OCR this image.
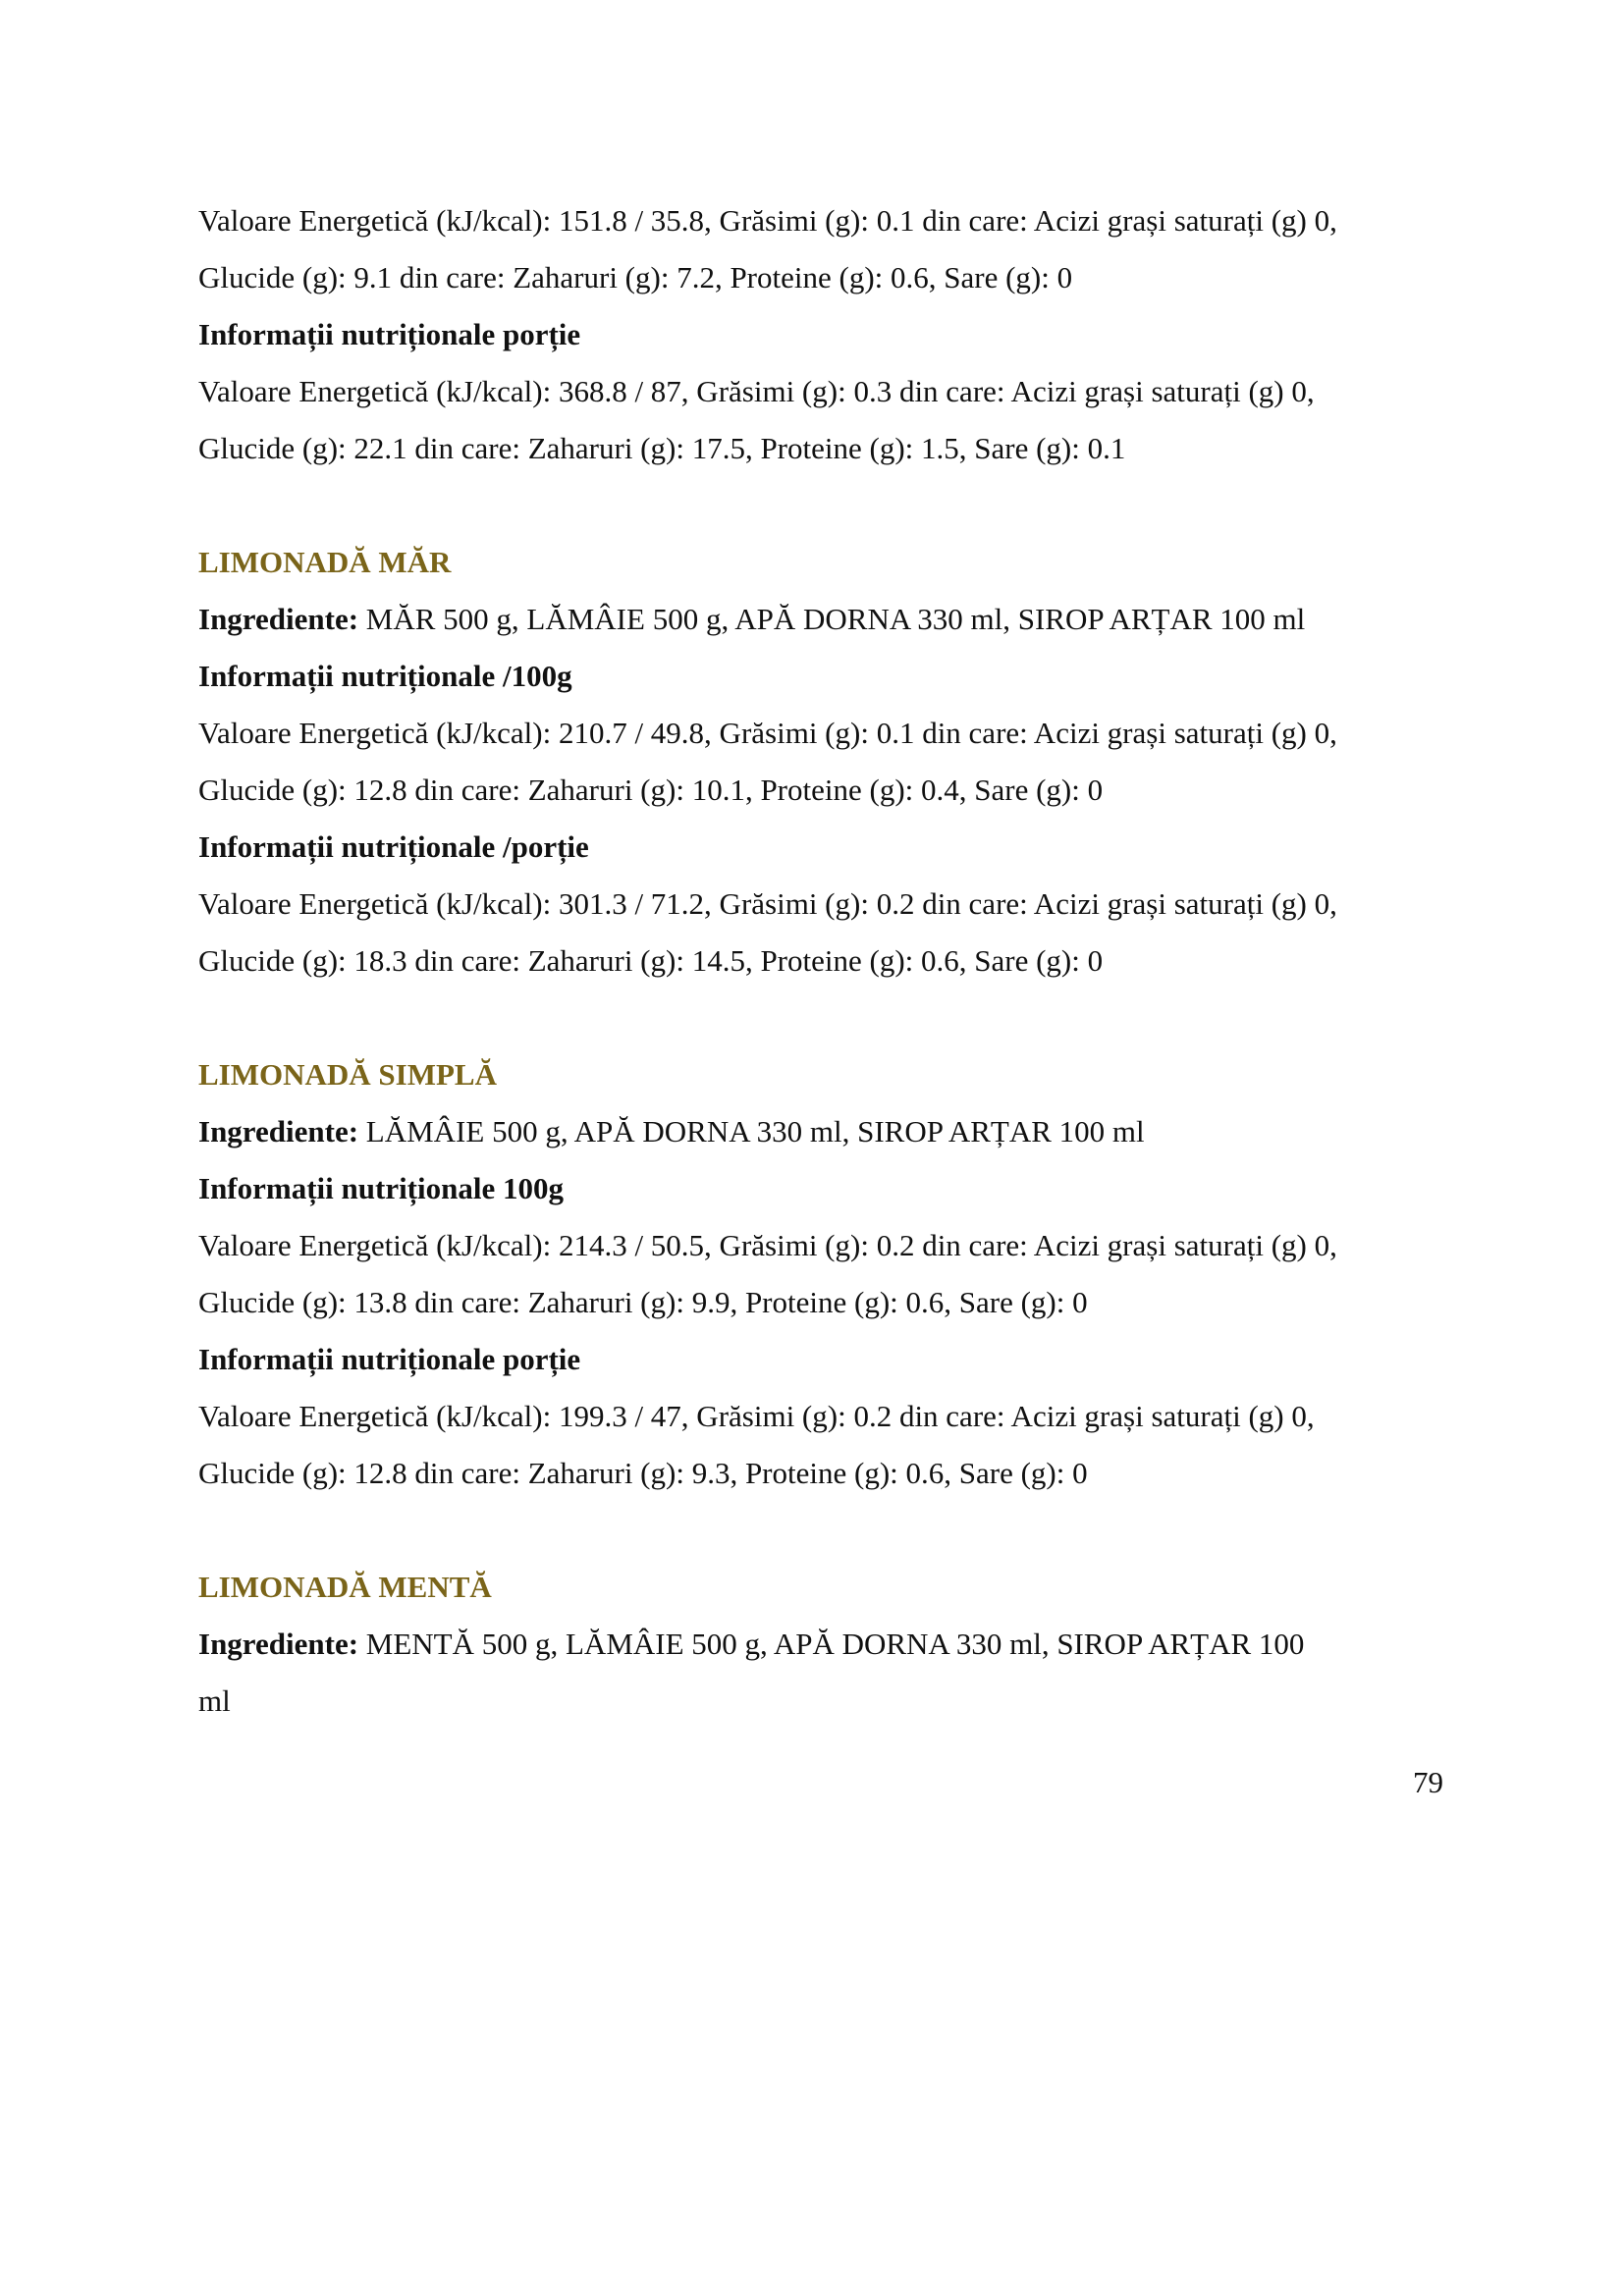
Valoare Energetică (kJ/kcal): 151.8 / 35.8, Grăsimi (g): 0.1 din care: Acizi grași saturați (g) 0,
Glucide (g): 9.1 din care: Zaharuri (g): 7.2, Proteine (g): 0.6, Sare (g): 0
Informații nutriționale porție
Valoare Energetică (kJ/kcal): 368.8 / 87, Grăsimi (g): 0.3 din care: Acizi grași saturați (g) 0,
Glucide (g): 22.1 din care: Zaharuri (g): 17.5, Proteine (g): 1.5, Sare (g): 0.1
LIMONADĂ MĂR
Ingrediente: MĂR 500 g, LĂMÂIE 500 g, APĂ DORNA 330 ml, SIROP ARȚAR 100 ml
Informații nutriționale /100g
Valoare Energetică (kJ/kcal): 210.7 / 49.8, Grăsimi (g): 0.1 din care: Acizi grași saturați (g) 0,
Glucide (g): 12.8 din care: Zaharuri (g): 10.1, Proteine (g): 0.4, Sare (g): 0
Informații nutriționale /porție
Valoare Energetică (kJ/kcal): 301.3 / 71.2, Grăsimi (g): 0.2 din care: Acizi grași saturați (g) 0,
Glucide (g): 18.3 din care: Zaharuri (g): 14.5, Proteine (g): 0.6, Sare (g): 0
LIMONADĂ SIMPLĂ
Ingrediente: LĂMÂIE 500 g, APĂ DORNA 330 ml, SIROP ARȚAR 100 ml
Informații nutriționale 100g
Valoare Energetică (kJ/kcal): 214.3 / 50.5, Grăsimi (g): 0.2 din care: Acizi grași saturați (g) 0,
Glucide (g): 13.8 din care: Zaharuri (g): 9.9, Proteine (g): 0.6, Sare (g): 0
Informații nutriționale porție
Valoare Energetică (kJ/kcal): 199.3 / 47, Grăsimi (g): 0.2 din care: Acizi grași saturați (g) 0,
Glucide (g): 12.8 din care: Zaharuri (g): 9.3, Proteine (g): 0.6, Sare (g): 0
LIMONADĂ MENTĂ
Ingrediente: MENTĂ 500 g, LĂMÂIE 500 g, APĂ DORNA 330 ml, SIROP ARȚAR 100
ml
79
